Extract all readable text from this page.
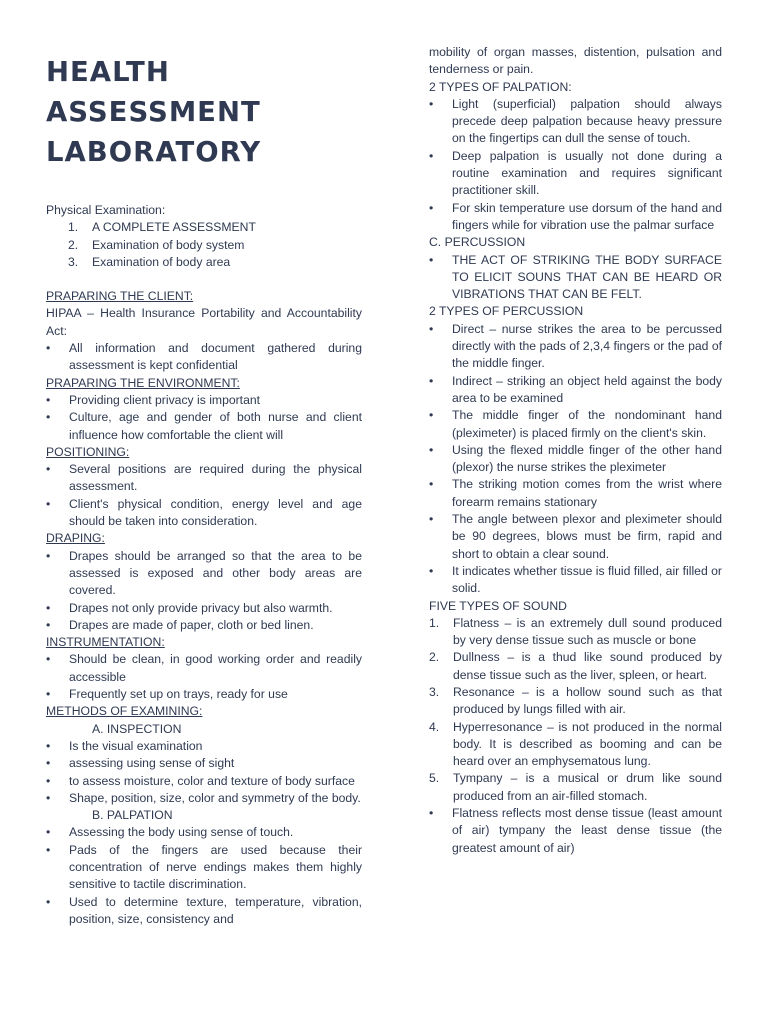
HEALTH ASSESSMENT LABORATORY

Physical Examination:

1. A COMPLETE ASSESSMENT
2. Examination of body system
3. Examination of body area

PRAPARING THE CLIENT:

HIPAA – Health Insurance Portability and Accountability Act:

• All information and document gathered during assessment is kept confidential

PRAPARING THE ENVIRONMENT:

• Providing client privacy is important
• Culture, age and gender of both nurse and client influence how comfortable the client will

POSITIONING:

• Several positions are required during the physical assessment.
• Client's physical condition, energy level and age should be taken into consideration.

DRAPING:

• Drapes should be arranged so that the area to be assessed is exposed and other body areas are covered.
• Drapes not only provide privacy but also warmth.
• Drapes are made of paper, cloth or bed linen.

INSTRUMENTATION:

• Should be clean, in good working order and readily accessible
• Frequently set up on trays, ready for use

METHODS OF EXAMINING:

A. INSPECTION

• Is the visual examination
• assessing using sense of sight
• to assess moisture, color and texture of body surface
• Shape, position, size, color and symmetry of the body.

B. PALPATION

• Assessing the body using sense of touch.
• Pads of the fingers are used because their concentration of nerve endings makes them highly sensitive to tactile discrimination.
• Used to determine texture, temperature, vibration, position, size, consistency and

mobility of organ masses, distention, pulsation and tenderness or pain.

2 TYPES OF PALPATION:

• Light (superficial) palpation should always precede deep palpation because heavy pressure on the fingertips can dull the sense of touch.
• Deep palpation is usually not done during a routine examination and requires significant practitioner skill.
• For skin temperature use dorsum of the hand and fingers while for vibration use the palmar surface

C. PERCUSSION

• THE ACT OF STRIKING THE BODY SURFACE TO ELICIT SOUNS THAT CAN BE HEARD OR VIBRATIONS THAT CAN BE FELT.

2 TYPES OF PERCUSSION

• Direct – nurse strikes the area to be percussed directly with the pads of 2,3,4 fingers or the pad of the middle finger.
• Indirect – striking an object held against the body area to be examined
• The middle finger of the nondominant hand (pleximeter) is placed firmly on the client's skin.
• Using the flexed middle finger of the other hand (plexor) the nurse strikes the pleximeter
• The striking motion comes from the wrist where forearm remains stationary
• The angle between plexor and pleximeter should be 90 degrees, blows must be firm, rapid and short to obtain a clear sound.
• It indicates whether tissue is fluid filled, air filled or solid.

FIVE TYPES OF SOUND

1. Flatness – is an extremely dull sound produced by very dense tissue such as muscle or bone
2. Dullness – is a thud like sound produced by dense tissue such as the liver, spleen, or heart.
3. Resonance – is a hollow sound such as that produced by lungs filled with air.
4. Hyperresonance – is not produced in the normal body. It is described as booming and can be heard over an emphysematous lung.
5. Tympany – is a musical or drum like sound produced from an air-filled stomach.
• Flatness reflects most dense tissue (least amount of air) tympany the least dense tissue (the greatest amount of air)
